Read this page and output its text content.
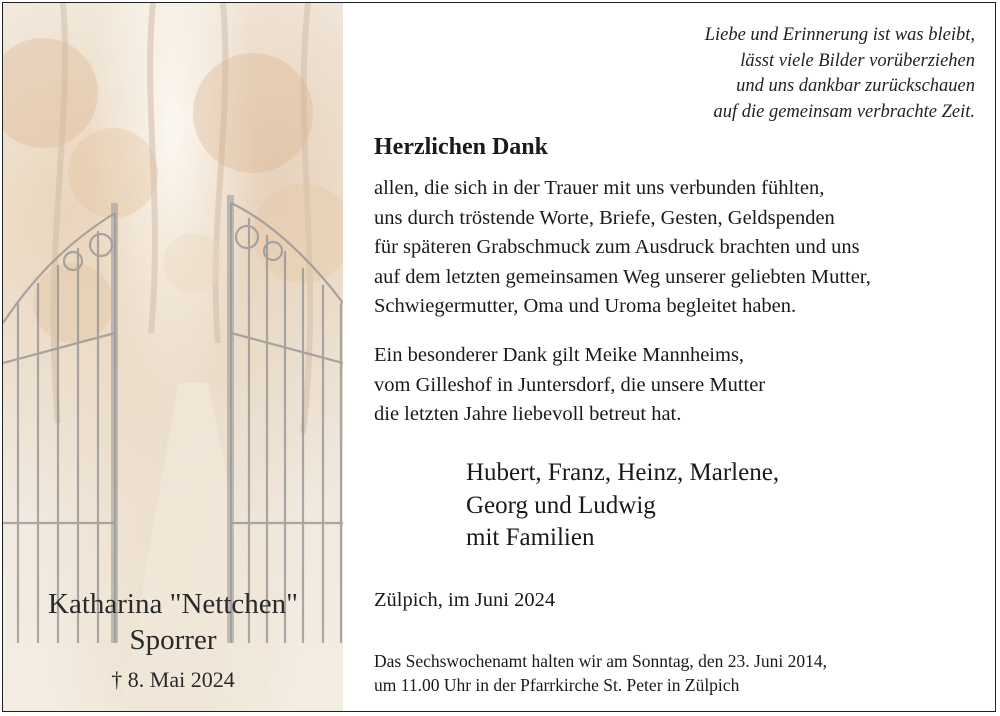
Katharina "Nettchen"
Sporrer
† 8. Mai 2024
Liebe und Erinnerung ist was bleibt,
lässt viele Bilder vorüberziehen
und uns dankbar zurückschauen
auf die gemeinsam verbrachte Zeit.
Herzlichen Dank
allen, die sich in der Trauer mit uns verbunden fühlten,
uns durch tröstende Worte, Briefe, Gesten, Geldspenden
für späteren Grabschmuck zum Ausdruck brachten und uns
auf dem letzten gemeinsamen Weg unserer geliebten Mutter,
Schwiegermutter, Oma und Uroma begleitet haben.
Ein besonderer Dank gilt Meike Mannheims,
vom Gilleshof in Juntersdorf, die unsere Mutter
die letzten Jahre liebevoll betreut hat.
Hubert, Franz, Heinz, Marlene,
Georg und Ludwig
mit Familien
Zülpich, im Juni 2024
Das Sechswochenamt halten wir am Sonntag, den 23. Juni 2014,
um 11.00 Uhr in der Pfarrkirche St. Peter in Zülpich
